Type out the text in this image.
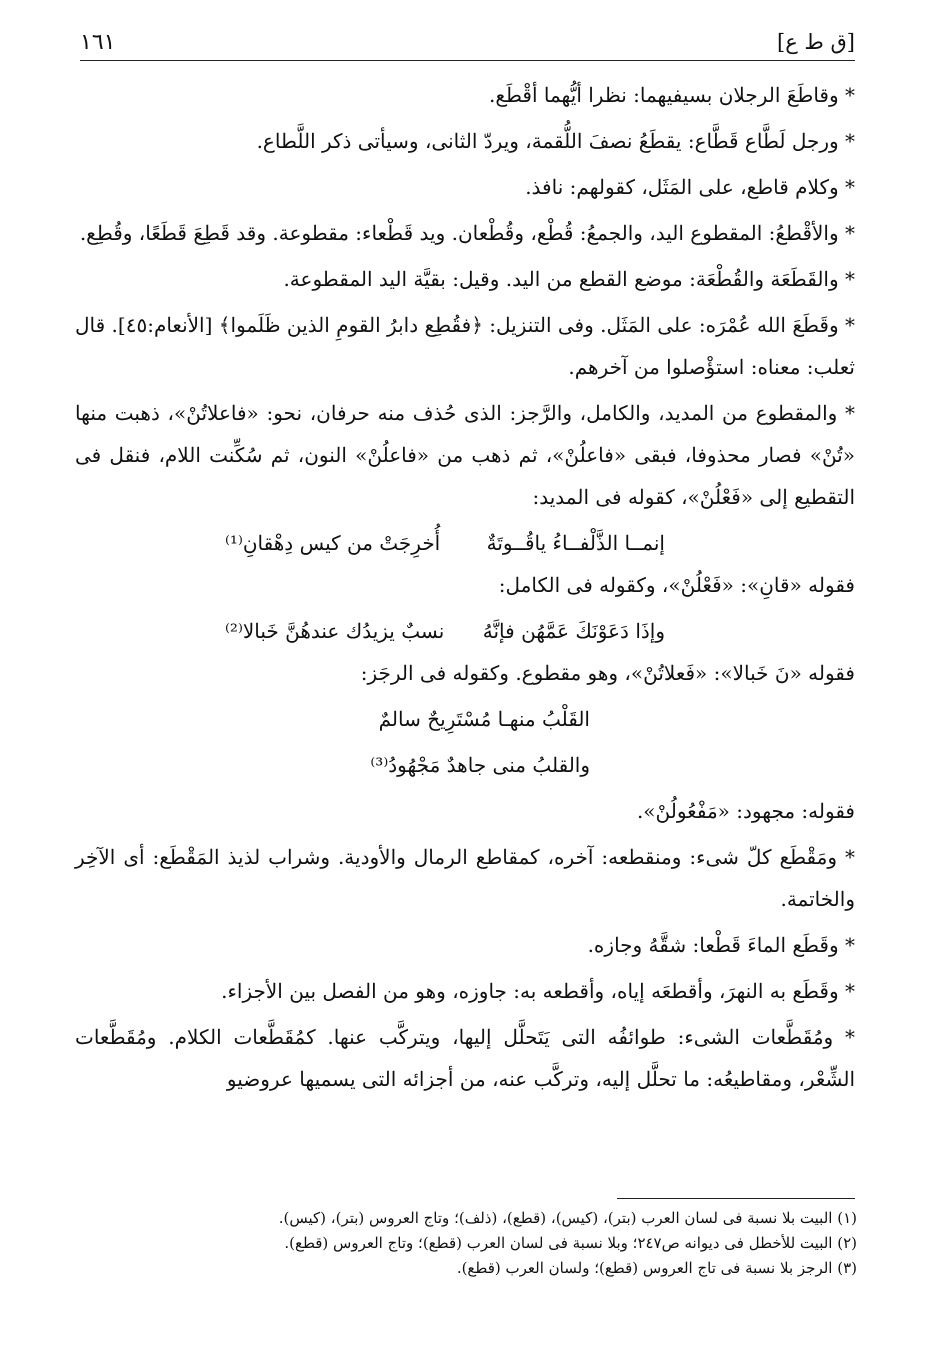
[ق ط ع]
١٦١

* وقاطَعَ الرجلان بسيفيهما: نظرا أيُّهما أقْطَع.

* ورجل لَطَّاع قَطَّاع: يقطَعُ نصفَ اللُّقمة، ويردّ الثانى، وسيأتى ذكر اللَّطاع.

* وكلام قاطع، على المَثَل، كقولهم: نافذ.

* والأقْطعُ: المقطوع اليد، والجمعُ: قُطْع، وقُطْعان. ويد قَطْعاء: مقطوعة. وقد قَطِعَ قَطَعًا، وقُطِع.

* والقَطَعَة والقُطْعَة: موضع القطع من اليد. وقيل: بقيَّة اليد المقطوعة.

* وقَطَعَ الله عُمْرَه: على المَثَل. وفى التنزيل: ﴿فقُطِع دابرُ القومِ الذين ظَلَموا﴾ [الأنعام:٤٥]. قال ثعلب: معناه: استؤْصلوا من آخرهم.

* والمقطوع من المديد، والكامل، والرَّجز: الذى حُذف منه حرفان، نحو: «فاعلاتُنْ»، ذهبت منها «تُنْ» فصار محذوفا، فبقى «فاعلُنْ»، ثم ذهب من «فاعلُنْ» النون، ثم سُكِّنت اللام، فنقل فى التقطيع إلى «فَعْلُنْ»، كقوله فى المديد:

إنمــا الذَّلْفــاءُ ياقُــوتَةٌ
أُخرِجَتْ من كيس دِهْقانِ⁽¹⁾

فقوله «قانِ»: «فَعْلُنْ»، وكقوله فى الكامل:

وإذَا دَعَوْنَكَ عَمَّهُن فإنَّهُ
نسبٌ يزيدُك عندهُنَّ خَبالا⁽²⁾

فقوله «نَ خَبالا»: «فَعلاتُنْ»، وهو مقطوع. وكقوله فى الرجَز:

القَلْبُ منهـا مُسْتَرِيحٌ سالمٌ

والقلبُ منى جاهدٌ مَجْهُودُ⁽³⁾

فقوله: مجهود: «مَفْعُولُنْ».

* ومَقْطَع كلّ شىء: ومنقطعه: آخره، كمقاطع الرمال والأودية. وشراب لذيذ المَقْطَع: أى الآخِر والخاتمة.

* وقَطَع الماءَ قَطْعا: شقَّهُ وجازه.

* وقَطَع به النهرَ، وأقطعَه إياه، وأقطعه به: جاوزه، وهو من الفصل بين الأجزاء.

* ومُقَطَّعات الشىء: طوائفُه التى يَتَحلَّل إليها، ويتركَّب عنها. كمُقَطَّعات الكلام. ومُقَطَّعات الشِّعْر، ومقاطيعُه: ما تحلَّل إليه، وتركَّب عنه، من أجزائه التى يسميها عروضيو

(١) البيت بلا نسبة فى لسان العرب (بتر)، (كيس)، (قطع)، (ذلف)؛ وتاج العروس (بتر)، (كيس).

(٢) البيت للأخطل فى ديوانه ص٢٤٧؛ وبلا نسبة فى لسان العرب (قطع)؛ وتاج العروس (قطع).

(٣) الرجز بلا نسبة فى تاج العروس (قطع)؛ ولسان العرب (قطع).
